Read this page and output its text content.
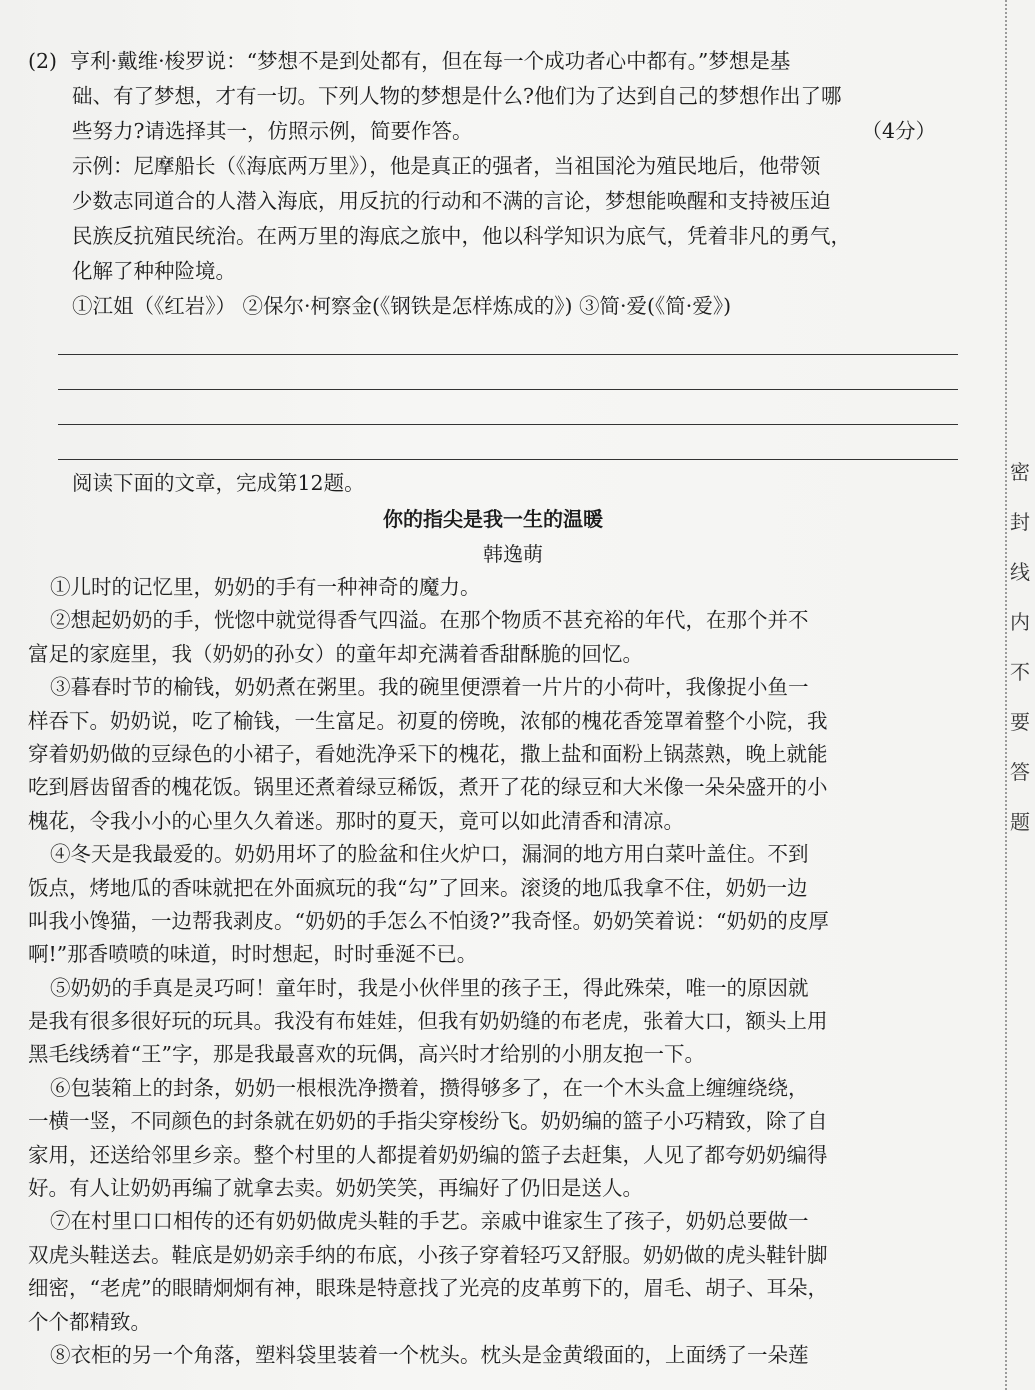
密
封
线
内
不
要
答
题
(2) 亨利·戴维·梭罗说：“梦想不是到处都有，但在每一个成功者心中都有。”梦想是基
础、有了梦想，才有一切。下列人物的梦想是什么?他们为了达到自己的梦想作出了哪
些努力?请选择其一，仿照示例，简要作答。	（4分）
示例：尼摩船长（《海底两万里》），他是真正的强者，当祖国沦为殖民地后，他带领
少数志同道合的人潜入海底，用反抗的行动和不满的言论，梦想能唤醒和支持被压迫
民族反抗殖民统治。在两万里的海底之旅中，他以科学知识为底气，凭着非凡的勇气，
化解了种种险境。
①江姐（《红岩》） ②保尔·柯察金(《钢铁是怎样炼成的》) ③简·爱(《简·爱》)
阅读下面的文章，完成第12题。
你的指尖是我一生的温暖
韩逸萌
①儿时的记忆里，奶奶的手有一种神奇的魔力。
②想起奶奶的手，恍惚中就觉得香气四溢。在那个物质不甚充裕的年代，在那个并不
富足的家庭里，我（奶奶的孙女）的童年却充满着香甜酥脆的回忆。
③暮春时节的榆钱，奶奶煮在粥里。我的碗里便漂着一片片的小荷叶，我像捉小鱼一
样吞下。奶奶说，吃了榆钱，一生富足。初夏的傍晚，浓郁的槐花香笼罩着整个小院，我
穿着奶奶做的豆绿色的小裙子，看她洗净采下的槐花，撒上盐和面粉上锅蒸熟，晚上就能
吃到唇齿留香的槐花饭。锅里还煮着绿豆稀饭，煮开了花的绿豆和大米像一朵朵盛开的小
槐花，令我小小的心里久久着迷。那时的夏天，竟可以如此清香和清凉。
④冬天是我最爱的。奶奶用坏了的脸盆和住火炉口，漏洞的地方用白菜叶盖住。不到
饭点，烤地瓜的香味就把在外面疯玩的我“勾”了回来。滚烫的地瓜我拿不住，奶奶一边
叫我小馋猫，一边帮我剥皮。“奶奶的手怎么不怕烫?”我奇怪。奶奶笑着说：“奶奶的皮厚
啊!”那香喷喷的味道，时时想起，时时垂涎不已。
⑤奶奶的手真是灵巧呵！童年时，我是小伙伴里的孩子王，得此殊荣，唯一的原因就
是我有很多很好玩的玩具。我没有布娃娃，但我有奶奶缝的布老虎，张着大口，额头上用
黑毛线绣着“王”字，那是我最喜欢的玩偶，高兴时才给别的小朋友抱一下。
⑥包装箱上的封条，奶奶一根根洗净攒着，攒得够多了，在一个木头盒上缠缠绕绕，
一横一竖，不同颜色的封条就在奶奶的手指尖穿梭纷飞。奶奶编的篮子小巧精致，除了自
家用，还送给邻里乡亲。整个村里的人都提着奶奶编的篮子去赶集，人见了都夸奶奶编得
好。有人让奶奶再编了就拿去卖。奶奶笑笑，再编好了仍旧是送人。
⑦在村里口口相传的还有奶奶做虎头鞋的手艺。亲戚中谁家生了孩子，奶奶总要做一
双虎头鞋送去。鞋底是奶奶亲手纳的布底，小孩子穿着轻巧又舒服。奶奶做的虎头鞋针脚
细密，“老虎”的眼睛炯炯有神，眼珠是特意找了光亮的皮革剪下的，眉毛、胡子、耳朵，
个个都精致。
⑧衣柜的另一个角落，塑料袋里装着一个枕头。枕头是金黄缎面的，上面绣了一朵莲
